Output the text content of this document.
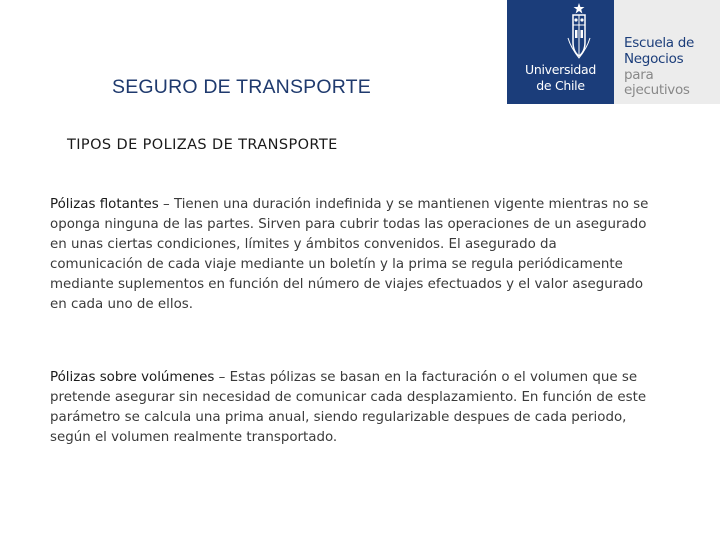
SEGURO DE TRANSPORTE
Universidad
de Chile
Escuela de
Negocios
para
ejecutivos
TIPOS DE POLIZAS DE TRANSPORTE
Pólizas flotantes – Tienen una duración indefinida y se mantienen vigente mientras no se oponga ninguna de las partes. Sirven para cubrir todas las operaciones de un asegurado en unas ciertas condiciones, límites y ámbitos convenidos. El asegurado da comunicación de cada viaje mediante un boletín y la prima se regula periódicamente mediante suplementos en función del número de viajes efectuados y el valor asegurado en cada uno de ellos.
Pólizas sobre volúmenes – Estas pólizas se basan en la facturación o el volumen que se pretende asegurar sin necesidad de comunicar cada desplazamiento. En función de este parámetro se calcula una prima anual, siendo regularizable despues de cada periodo, según el volumen realmente transportado.
